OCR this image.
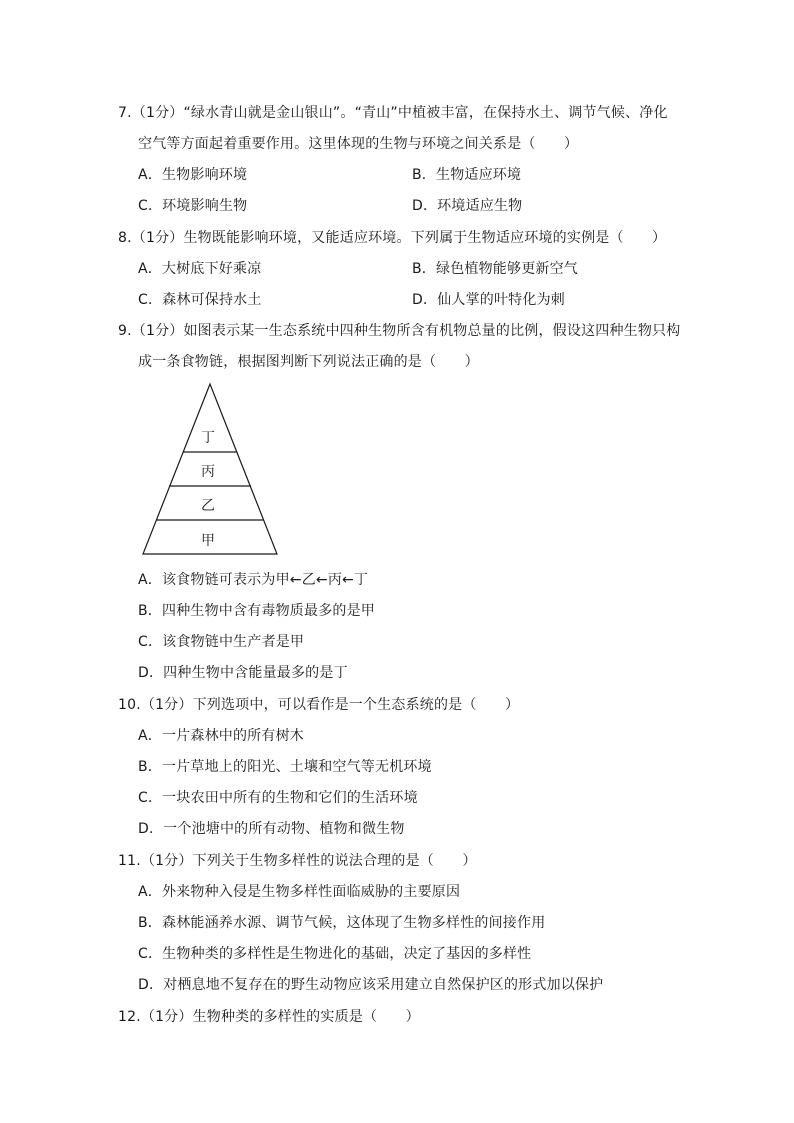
7.（1分）“绿水青山就是金山银山”。“青山”中植被丰富，在保持水土、调节气候、净化
空气等方面起着重要作用。这里体现的生物与环境之间关系是（　　）
A．生物影响环境	B．生物适应环境
C．环境影响生物	D．环境适应生物
8.（1分）生物既能影响环境，又能适应环境。下列属于生物适应环境的实例是（　　）
A．大树底下好乘凉	B．绿色植物能够更新空气
C．森林可保持水土	D．仙人掌的叶特化为刺
9.（1分）如图表示某一生态系统中四种生物所含有机物总量的比例，假设这四种生物只构
成一条食物链，根据图判断下列说法正确的是（　　）
丁
丙
乙
甲
A．该食物链可表示为甲←乙←丙←丁
B．四种生物中含有毒物质最多的是甲
C．该食物链中生产者是甲
D．四种生物中含能量最多的是丁
10.（1分）下列选项中，可以看作是一个生态系统的是（　　）
A．一片森林中的所有树木
B．一片草地上的阳光、土壤和空气等无机环境
C．一块农田中所有的生物和它们的生活环境
D．一个池塘中的所有动物、植物和微生物
11.（1分）下列关于生物多样性的说法合理的是（　　）
A．外来物种入侵是生物多样性面临威胁的主要原因
B．森林能涵养水源、调节气候，这体现了生物多样性的间接作用
C．生物种类的多样性是生物进化的基础，决定了基因的多样性
D．对栖息地不复存在的野生动物应该采用建立自然保护区的形式加以保护
12.（1分）生物种类的多样性的实质是（　　）
